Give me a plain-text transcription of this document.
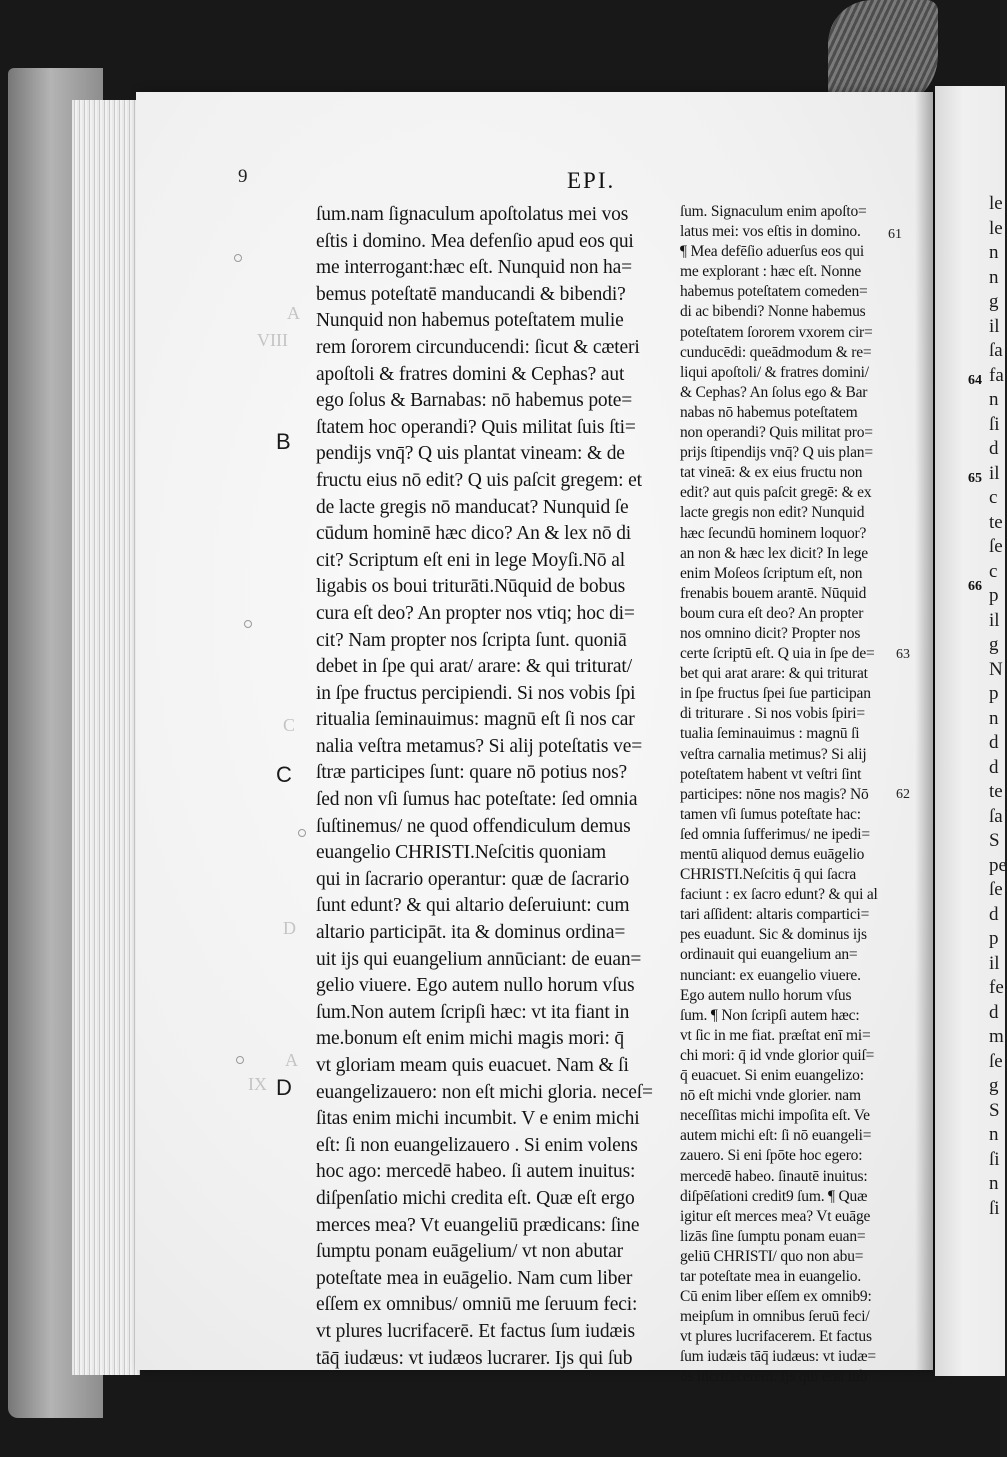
le
le
n
n
g
il
ſa
fa
n
ſi
d
il
c
te
ſe
c
p
il
g
N
p
n
d
d
te
ſa
S
pe
ſe
d
p
il
fe
d
m
ſe
g
S
n
ſi
n
ſi
9	EPI.
A
VIII
C
D
A
IX
B
C
D
ſum.nam ſignaculum apoſtolatus mei vos
eſtis i domino. Mea defenſio apud eos qui
me interrogant:hæc eſt. Nunquid non ha=
bemus poteſtatē manducandi & bibendi?
Nunquid non habemus poteſtatem mulie
rem ſororem circunducendi: ſicut & cæteri
apoſtoli & fratres domini & Cephas? aut
ego ſolus & Barnabas: nō habemus pote=
ſtatem hoc operandi? Quis militat ſuis ſti=
pendijs vnq̄? Q uis plantat vineam: & de
fructu eius nō edit? Q uis paſcit gregem: et
de lacte gregis nō manducat? Nunquid ſe
cūdum hominē hæc dico? An & lex nō di
cit? Scriptum eſt eni in lege Moyſi.Nō al
ligabis os boui triturāti.Nūquid de bobus
cura eſt deo? An propter nos vtiq; hoc di=
cit? Nam propter nos ſcripta ſunt. quoniā
debet in ſpe qui arat/ arare: & qui triturat/
in ſpe fructus percipiendi. Si nos vobis ſpi
ritualia ſeminauimus: magnū eſt ſi nos car
nalia veſtra metamus? Si alij poteſtatis ve=
ſtræ participes ſunt: quare nō potius nos?
ſed non vſi ſumus hac poteſtate: ſed omnia
ſuſtinemus/ ne quod offendiculum demus
euangelio CHRISTI.Neſcitis quoniam
qui in ſacrario operantur: quæ de ſacrario
ſunt edunt? & qui altario deſeruiunt: cum
altario participāt. ita & dominus ordina=
uit ijs qui euangelium annūciant: de euan=
gelio viuere. Ego autem nullo horum vſus
ſum.Non autem ſcripſi hæc: vt ita fiant in
me.bonum eſt enim michi magis mori: q̄
vt gloriam meam quis euacuet. Nam & ſi
euangelizauero: non eſt michi gloria. neceſ=
ſitas enim michi incumbit. V e enim michi
eſt: ſi non euangelizauero . Si enim volens
hoc ago: mercedē habeo. ſi autem inuitus:
diſpenſatio michi credita eſt. Quæ eſt ergo
merces mea? Vt euangeliū prædicans: ſine
ſumptu ponam euāgelium/ vt non abutar
poteſtate mea in euāgelio. Nam cum liber
eſſem ex omnibus/ omniū me ſeruum feci:
vt plures lucrifacerē. Et factus ſum iudæis
tāq̄ iudæus: vt iudæos lucrarer. Ijs qui ſub
ſum. Signaculum enim apoſto=
latus mei: vos eſtis in domino.
¶ Mea defēſio aduerſus eos qui
me explorant : hæc eſt. Nonne
habemus poteſtatem comeden=
di ac bibendi? Nonne habemus
poteſtatem ſororem vxorem cir=
cunducēdi: queādmodum & re=
liqui apoſtoli/ & fratres domini/
& Cephas? An ſolus ego & Bar
nabas nō habemus poteſtatem
non operandi? Quis militat pro=
prijs ſtipendijs vnq̄? Q uis plan=
tat vineā: & ex eius fructu non
edit? aut quis paſcit gregē: & ex
lacte gregis non edit? Nunquid
hæc ſecundū hominem loquor?
an non & hæc lex dicit? In lege
enim Moſeos ſcriptum eſt, non
frenabis bouem arantē. Nūquid
boum cura eſt deo? An propter
nos omnino dicit? Propter nos
certe ſcriptū eſt. Q uia in ſpe de=
bet qui arat arare: & qui triturat
in ſpe fructus ſpei ſue participan
di triturare . Si nos vobis ſpiri=
tualia ſeminauimus : magnū ſi
veſtra carnalia metimus? Si alij
poteſtatem habent vt veſtri ſint
participes: nōne nos magis? Nō
tamen vſi ſumus poteſtate hac:
ſed omnia ſufferimus/ ne ipedi=
mentū aliquod demus euāgelio
CHRISTI.Neſcitis q̄ qui ſacra
faciunt : ex ſacro edunt? & qui al
tari aſſident: altaris compartici=
pes euadunt. Sic & dominus ijs
ordinauit qui euangelium an=
nunciant: ex euangelio viuere.
Ego autem nullo horum vſus
ſum. ¶ Non ſcripſi autem hæc:
vt ſic in me fiat. præſtat enī mi=
chi mori: q̄ id vnde glorior quiſ=
q̄ euacuet. Si enim euangelizo:
nō eſt michi vnde glorier. nam
neceſſitas michi impoſita eſt. Ve
autem michi eſt: ſi nō euangeli=
zauero. Si eni ſpōte hoc egero:
mercedē habeo. ſinautē inuitus:
diſpēſationi credit9 ſum. ¶ Quæ
igitur eſt merces mea? Vt euāge
lizās ſine ſumptu ponam euan=
geliū CHRISTI/ quo non abu=
tar poteſtate mea in euangelio.
Cū enim liber eſſem ex omnib9:
meipſum in omnibus ſeruū feci/
vt plures lucrifacerem. Et factus
ſum iudæis tāq̄ iudæus: vt iudæ=
os lucrifacerem. Ijs qui erāt ſub
61
62
63
64
65
66
